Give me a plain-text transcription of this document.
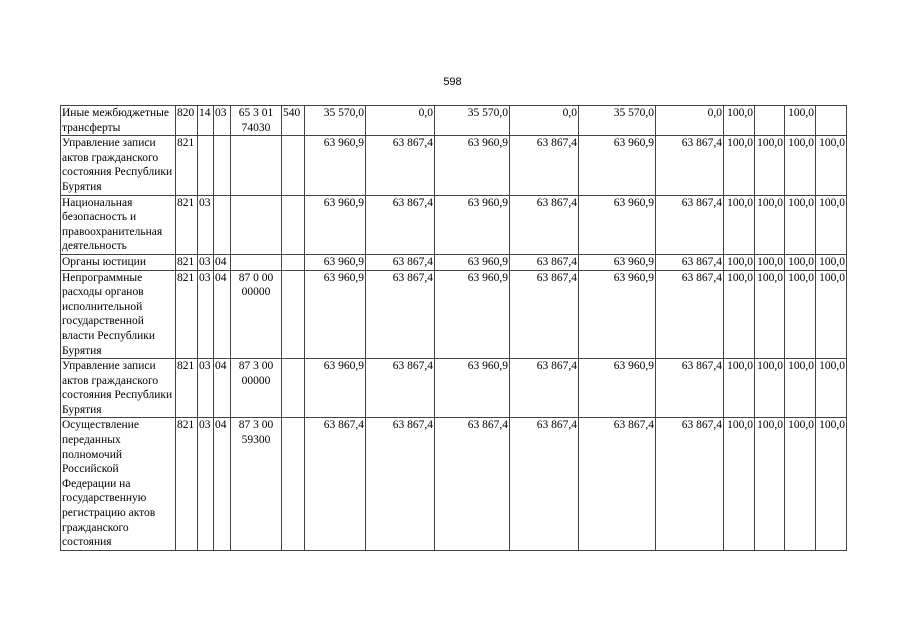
598
Иные межбюджетные трансферты	820	14	03	65 3 01 74030	540	35 570,0	0,0	35 570,0	0,0	35 570,0	0,0	100,0		100,0	
Управление записи актов гражданского состояния Республики Бурятия	821					63 960,9	63 867,4	63 960,9	63 867,4	63 960,9	63 867,4	100,0	100,0	100,0	100,0
Национальная безопасность и правоохранительная деятельность	821	03				63 960,9	63 867,4	63 960,9	63 867,4	63 960,9	63 867,4	100,0	100,0	100,0	100,0
Органы юстиции	821	03	04			63 960,9	63 867,4	63 960,9	63 867,4	63 960,9	63 867,4	100,0	100,0	100,0	100,0
Непрограммные расходы органов исполнительной государственной власти Республики Бурятия	821	03	04	87 0 00 00000		63 960,9	63 867,4	63 960,9	63 867,4	63 960,9	63 867,4	100,0	100,0	100,0	100,0
Управление записи актов гражданского состояния Республики Бурятия	821	03	04	87 3 00 00000		63 960,9	63 867,4	63 960,9	63 867,4	63 960,9	63 867,4	100,0	100,0	100,0	100,0
Осуществление переданных полномочий Российской Федерации на государственную регистрацию актов гражданского состояния	821	03	04	87 3 00 59300		63 867,4	63 867,4	63 867,4	63 867,4	63 867,4	63 867,4	100,0	100,0	100,0	100,0
